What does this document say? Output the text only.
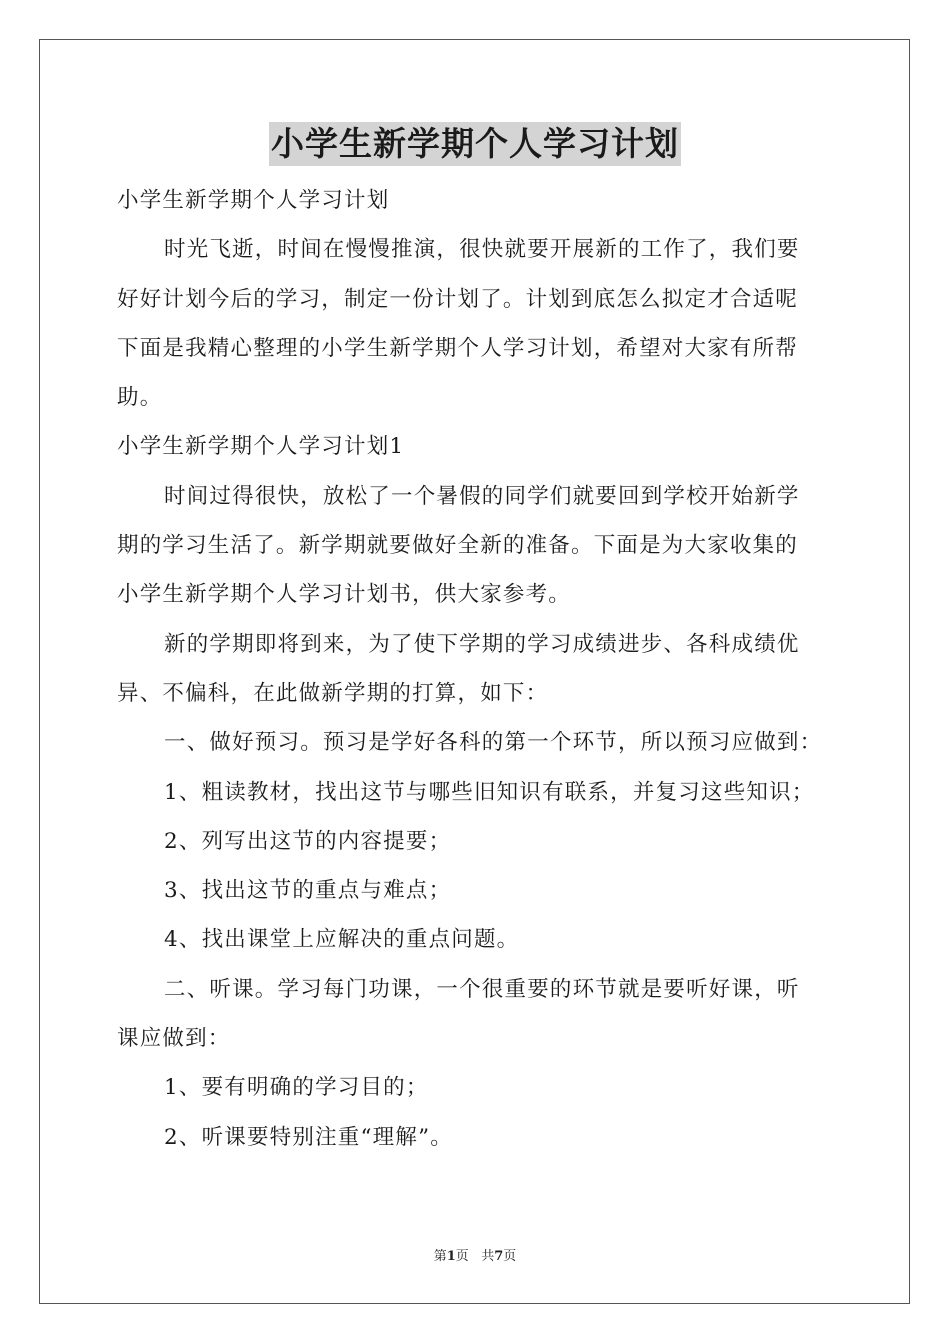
小学生新学期个人学习计划
小学生新学期个人学习计划
时光飞逝，时间在慢慢推演，很快就要开展新的工作了，我们要
好好计划今后的学习，制定一份计划了。计划到底怎么拟定才合适呢
下面是我精心整理的小学生新学期个人学习计划，希望对大家有所帮
助。
小学生新学期个人学习计划1
时间过得很快，放松了一个暑假的同学们就要回到学校开始新学
期的学习生活了。新学期就要做好全新的准备。下面是为大家收集的
小学生新学期个人学习计划书，供大家参考。
新的学期即将到来，为了使下学期的学习成绩进步、各科成绩优
异、不偏科，在此做新学期的打算，如下：
一、做好预习。预习是学好各科的第一个环节，所以预习应做到：
1、粗读教材，找出这节与哪些旧知识有联系，并复习这些知识；
2、列写出这节的内容提要；
3、找出这节的重点与难点；
4、找出课堂上应解决的重点问题。
二、听课。学习每门功课，一个很重要的环节就是要听好课，听
课应做到：
1、要有明确的学习目的；
2、听课要特别注重“理解”。
第1页 共7页
